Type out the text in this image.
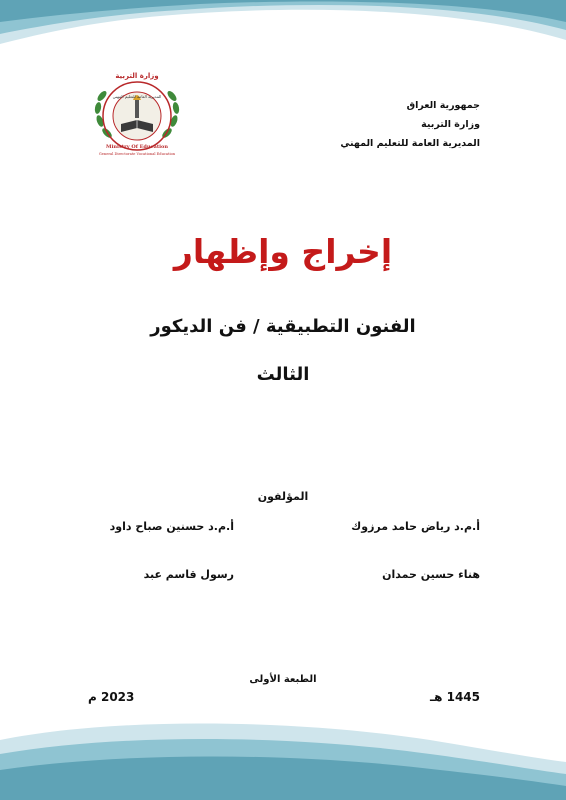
جمهورية العراق
وزارة التربية
المديرية العامة للتعليم المهني
وزارة التربية
المديرية العامة للتعليم المهني
Ministry Of Education
General Directorate Vocational Education
إخراج وإظهار
الفنون التطبيقية / فن الديكور
الثالث
المؤلفون
أ.م.د رياض حامد مرزوك
أ.م.د حسنين صباح داود
هناء حسين حمدان
رسول قاسم عبد
الطبعة الأولى
1445 هـ
2023 م
